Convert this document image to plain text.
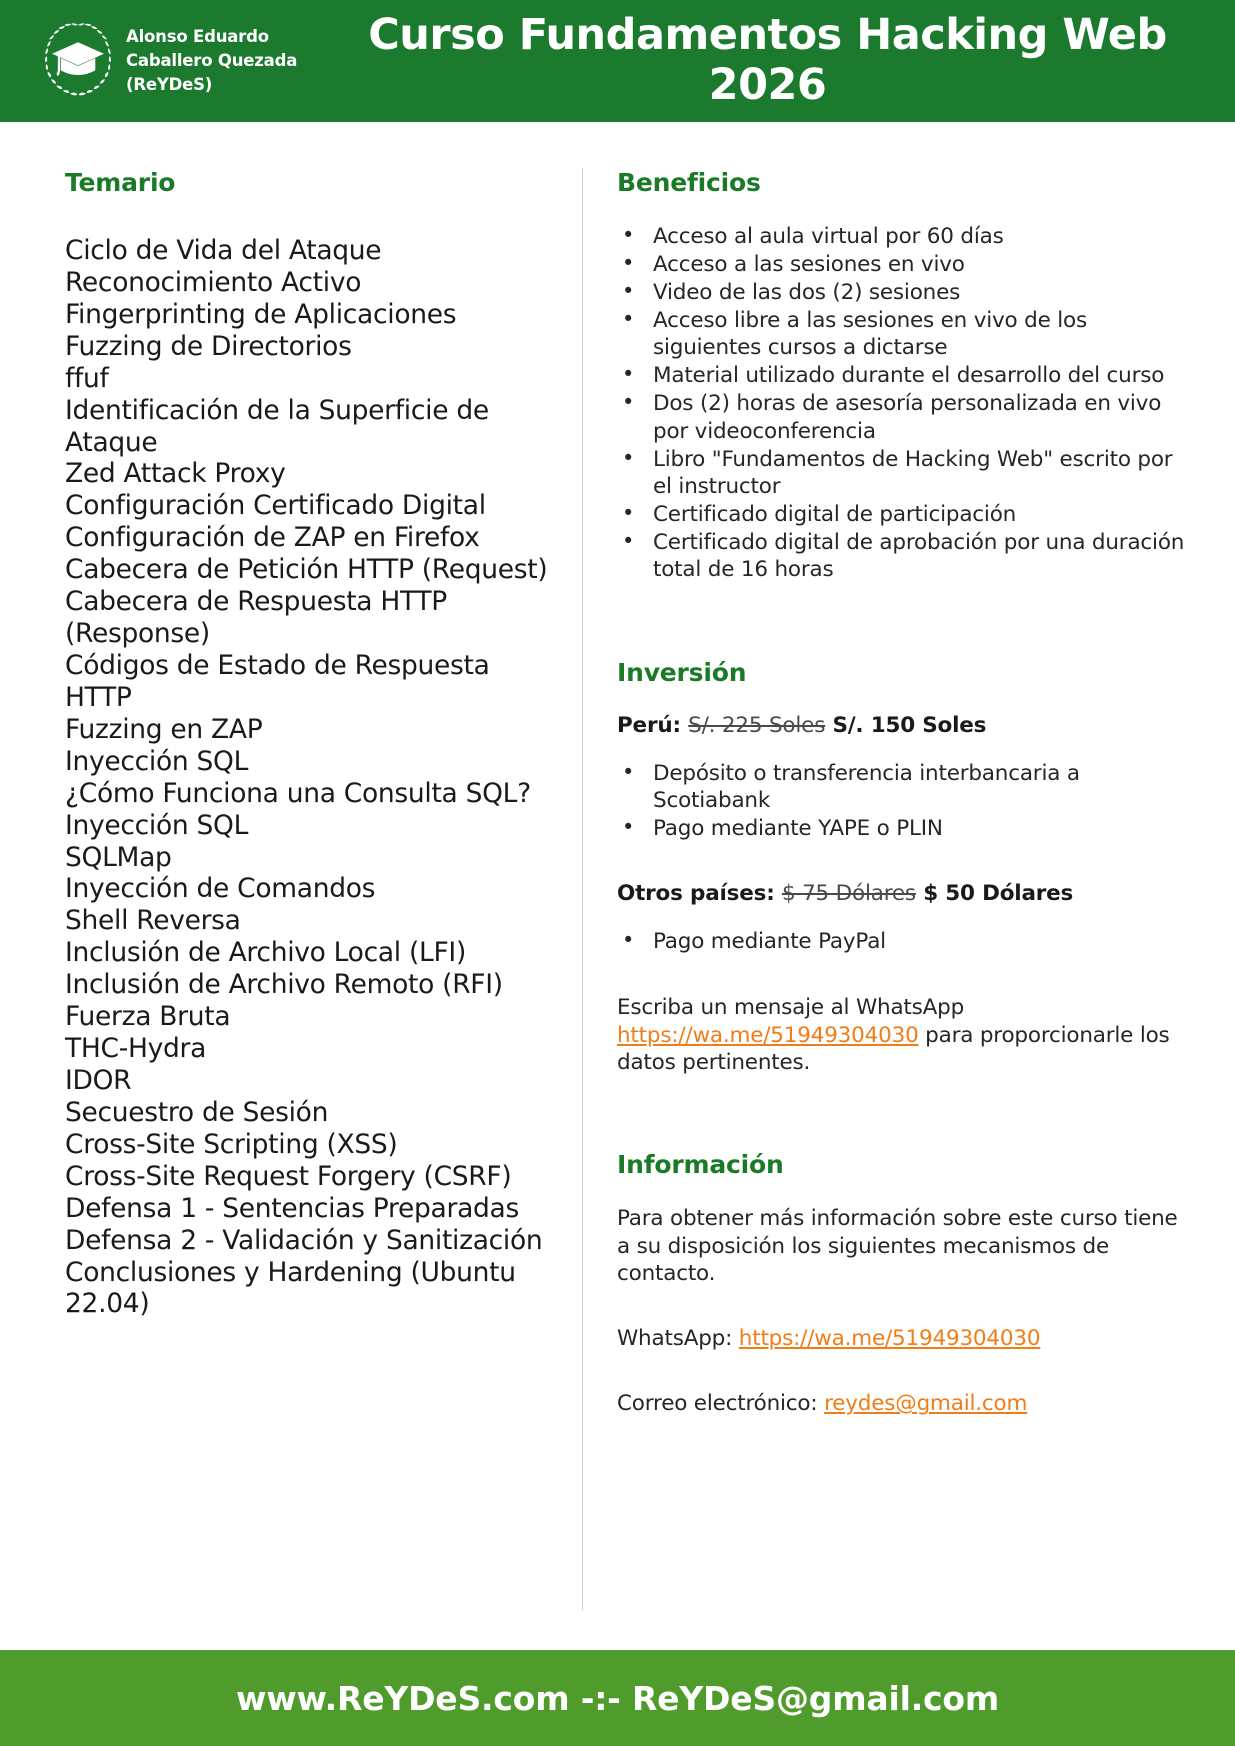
Alonso Eduardo
Caballero Quezada
(ReYDeS)
Curso Fundamentos Hacking Web
2026
Temario
Ciclo de Vida del Ataque
Reconocimiento Activo
Fingerprinting de Aplicaciones
Fuzzing de Directorios
ffuf
Identificación de la Superficie de Ataque
Zed Attack Proxy
Configuración Certificado Digital
Configuración de ZAP en Firefox
Cabecera de Petición HTTP (Request)
Cabecera de Respuesta HTTP (Response)
Códigos de Estado de Respuesta HTTP
Fuzzing en ZAP
Inyección SQL
¿Cómo Funciona una Consulta SQL?
Inyección SQL
SQLMap
Inyección de Comandos
Shell Reversa
Inclusión de Archivo Local (LFI)
Inclusión de Archivo Remoto (RFI)
Fuerza Bruta
THC-Hydra
IDOR
Secuestro de Sesión
Cross-Site Scripting (XSS)
Cross-Site Request Forgery (CSRF)
Defensa 1 - Sentencias Preparadas
Defensa 2 - Validación y Sanitización
Conclusiones y Hardening (Ubuntu 22.04)
Beneficios
• Acceso al aula virtual por 60 días
• Acceso a las sesiones en vivo
• Video de las dos (2) sesiones
• Acceso libre a las sesiones en vivo de los siguientes cursos a dictarse
• Material utilizado durante el desarrollo del curso
• Dos (2) horas de asesoría personalizada en vivo por videoconferencia
• Libro "Fundamentos de Hacking Web" escrito por el instructor
• Certificado digital de participación
• Certificado digital de aprobación por una duración total de 16 horas
Inversión

Perú: S/. 225 Soles S/. 150 Soles

• Depósito o transferencia interbancaria a Scotiabank
• Pago mediante YAPE o PLIN

Otros países: $ 75 Dólares $ 50 Dólares

• Pago mediante PayPal

Escriba un mensaje al WhatsApp https://wa.me/51949304030 para proporcionarle los datos pertinentes.

Información

Para obtener más información sobre este curso tiene a su disposición los siguientes mecanismos de contacto.

WhatsApp: https://wa.me/51949304030

Correo electrónico: reydes@gmail.com

www.ReYDeS.com -:- ReYDeS@gmail.com
